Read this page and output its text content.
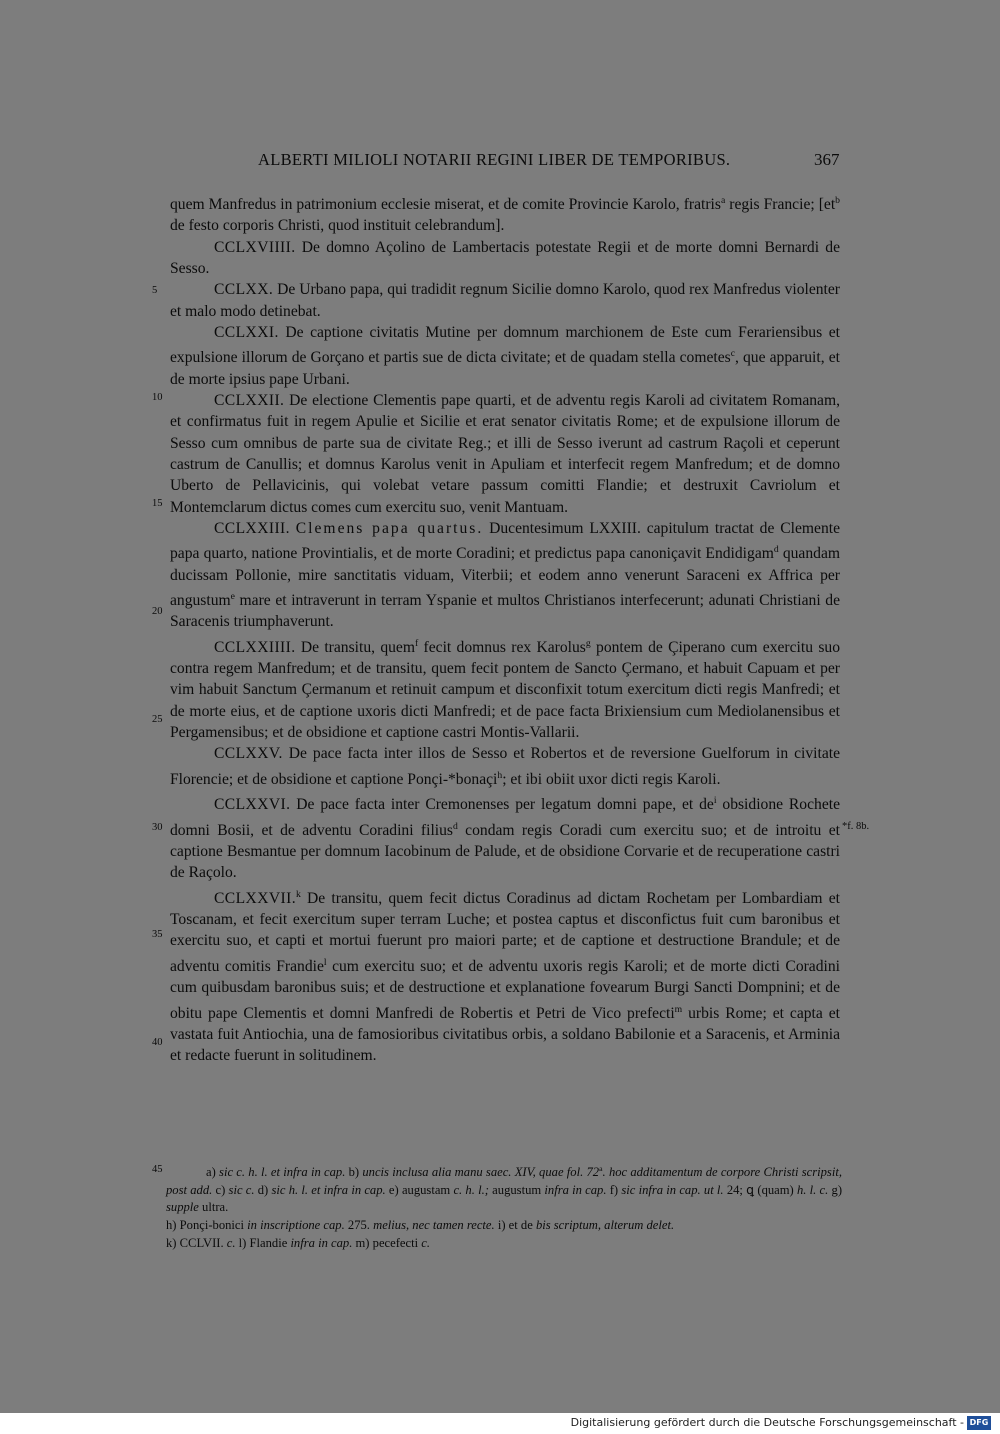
ALBERTI MILIOLI NOTARII REGINI LIBER DE TEMPORIBUS.	367

quem Manfredus in patrimonium ecclesie miserat, et de comite Provincie Karolo, fratris$^a$ regis Francie; [$et^b$ de festo corporis Christi, quod instituit celebrandum].

CCLXVIIII. De domno Açolino de Lambertacis potestate Regii et de morte domni Bernardi de Sesso.

CCLXX. De Urbano papa, qui tradidit regnum Sicilie domno Karolo, quod rex Manfredus violenter et malo modo detinebat.

CCLXXI. De captione civitatis Mutine per domnum marchionem de Este cum Ferariensibus et expulsione illorum de Gorçano et partis sue de dicta civitate; et de quadam stella cometes$^c$, que apparuit, et de morte ipsius pape Urbani.

CCLXXII. De electione Clementis pape quarti, et de adventu regis Karoli ad civitatem Romanam, et confirmatus fuit in regem Apulie et Sicilie et erat senator civitatis Rome; et de expulsione illorum de Sesso cum omnibus de parte sua de civitate Reg.; et illi de Sesso iverunt ad castrum Raçoli et ceperunt castrum de Canullis; et domnus Karolus venit in Apuliam et interfecit regem Manfredum; et de domno Uberto de Pellavicinis, qui volebat vetare passum comitti Flandie; et destruxit Cavriolum et Montemclarum dictus comes cum exercitu suo, venit Mantuam.

CCLXXIII. Clemens papa quartus. Ducentesimum LXXIII. capitulum tractat de Clemente papa quarto, natione Provintialis, et de morte Coradini; et predictus papa canoniçavit Endidigam$^d$ quandam ducissam Pollonie, mire sanctitatis viduam, Viterbii; et eodem anno venerunt Saraceni ex Affrica per angustum$^e$ mare et intraverunt in terram Yspanie et multos Christianos interfecerunt; adunati Christiani de Saracenis triumphaverunt.

CCLXXIIII. De transitu, quem$^f$ fecit domnus rex Karolus$^g$ pontem de Çiperano cum exercitu suo contra regem Manfredum; et de transitu, quem fecit pontem de Sancto Çermano, et habuit Capuam et per vim habuit Sanctum Çermanum et retinuit campum et disconfixit totum exercitum dicti regis Manfredi; et de morte eius, et de captione uxoris dicti Manfredi; et de pace facta Brixiensium cum Mediolanensibus et Pergamensibus; et de obsidione et captione castri Montis-Vallarii.

CCLXXV. De pace facta inter illos de Sesso et Robertos et de reversione Guelforum in civitate Florencie; et de obsidione et captione Ponçi-*bonaçi$^h$; et ibi obiit uxor dicti regis Karoli.

CCLXXVI. De pace facta inter Cremonenses per legatum domni pape, et $de^i$ obsidione Rochete domni Bosii, et de adventu Coradini filius$^d$ condam regis Coradi cum exercitu suo; et de introitu et captione Besmantue per domnum Iacobinum de Palude, et de obsidione Corvarie et de recuperatione castri de Raçolo.

CCLXXVII.$^k$ De transitu, quem fecit dictus Coradinus ad dictam Rochetam per Lombardiam et Toscanam, et fecit exercitum super terram Luche; et postea captus et disconfictus fuit cum baronibus et exercitu suo, et capti et mortui fuerunt pro maiori parte; et de captione et destructione Brandule; et de adventu comitis Frandie$^l$ cum exercitu suo; et de adventu uxoris regis Karoli; et de morte dicti Coradini cum quibusdam baronibus suis; et de destructione et explanatione fovearum Burgi Sancti Dompnini; et de obitu pape Clementis et domni Manfredi de Robertis et Petri de Vico prefecti$^m$ urbis Rome; et capta et vastata fuit Antiochia, una de famosioribus civitatibus orbis, a soldano Babilonie et a Saracenis, et Arminia et redacte fuerunt in solitudinem.

5
10
15
20
25
30
35
40
45
*f. 8b.

a) sic c. h. l. et infra in cap. b) uncis inclusa alia manu saec. XIV, quae fol. 72$^a$. hoc additamentum de corpore Christi scripsit, post add. c) sic c. d) sic h. l. et infra in cap. e) augustam c. h. l.; augustum infra in cap. f) sic infra in cap. ut l. 24; ꝗ (quam) h. l. c. g) supple ultra.

h) Ponçi-bonici in inscriptione cap. 275. melius, nec tamen recte. i) et de bis scriptum, alterum delet.

k) CCLVII. c. l) Flandie infra in cap. m) pecefecti c.

Digitalisierung gefördert durch die Deutsche Forschungsgemeinschaft - DFG
